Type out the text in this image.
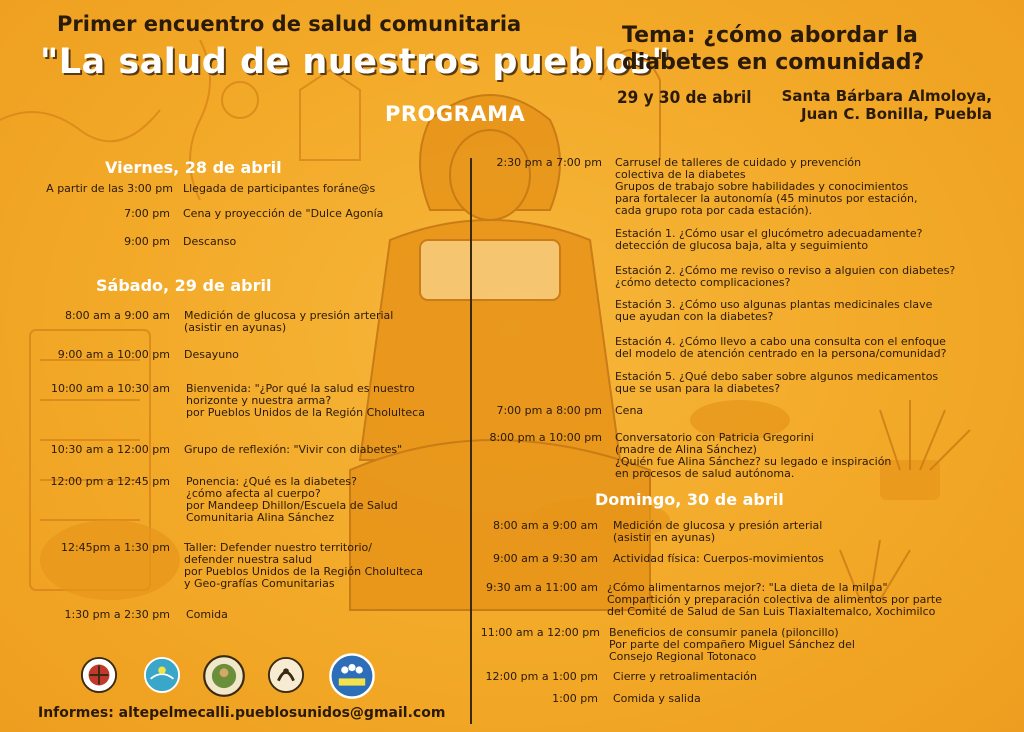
Primer encuentro de salud comunitaria
"La salud de nuestros pueblos"
Tema: ¿cómo abordar la diabetes en comunidad?
29 y 30 de abril	Santa Bárbara Almoloya,
Juan C. Bonilla, Puebla
PROGRAMA
Viernes, 28 de abril
A partir de las 3:00 pm Llegada de participantes foráne@s
7:00 pm Cena y proyección de "Dulce Agonía
9:00 pm Descanso
Sábado, 29 de abril
8:00 am a 9:00 am Medición de glucosa y presión arterial
(asistir en ayunas)
9:00 am a 10:00 pm Desayuno
10:00 am a 10:30 am Bienvenida: "¿Por qué la salud es nuestro
horizonte y nuestra arma?
por Pueblos Unidos de la Región Cholulteca
10:30 am a 12:00 pm Grupo de reflexión: "Vivir con diabetes"
12:00 pm a 12:45 pm Ponencia: ¿Qué es la diabetes?
¿cómo afecta al cuerpo?
por Mandeep Dhillon/Escuela de Salud
Comunitaria Alina Sánchez
12:45pm a 1:30 pm Taller: Defender nuestro territorio/
defender nuestra salud
por Pueblos Unidos de la Región Cholulteca
y Geo-grafías Comunitarias
1:30 pm a 2:30 pm Comida
2:30 pm a 7:00 pm Carrusel de talleres de cuidado y prevención
colectiva de la diabetes
Grupos de trabajo sobre habilidades y conocimientos
para fortalecer la autonomía (45 minutos por estación,
cada grupo rota por cada estación).
Estación 1. ¿Cómo usar el glucómetro adecuadamente?
detección de glucosa baja, alta y seguimiento
Estación 2. ¿Cómo me reviso o reviso a alguien con diabetes?
¿cómo detecto complicaciones?
Estación 3. ¿Cómo uso algunas plantas medicinales clave
que ayudan con la diabetes?
Estación 4. ¿Cómo llevo a cabo una consulta con el enfoque
del modelo de atención centrado en la persona/comunidad?
Estación 5. ¿Qué debo saber sobre algunos medicamentos
que se usan para la diabetes?
7:00 pm a 8:00 pm Cena
8:00 pm a 10:00 pm Conversatorio con Patricia Gregorini
(madre de Alina Sánchez)
¿Quién fue Alina Sánchez? su legado e inspiración
en procesos de salud autónoma.
Domingo, 30 de abril
8:00 am a 9:00 am Medición de glucosa y presión arterial
(asistir en ayunas)
9:00 am a 9:30 am Actividad física: Cuerpos-movimientos
9:30 am a 11:00 am ¿Cómo alimentarnos mejor?: "La dieta de la milpa"
Compartición y preparación colectiva de alimentos por parte
del Comité de Salud de San Luis Tlaxialtemalco, Xochimilco
11:00 am a 12:00 pm Beneficios de consumir panela (piloncillo)
Por parte del compañero Miguel Sánchez del
Consejo Regional Totonaco
12:00 pm a 1:00 pm Cierre y retroalimentación
1:00 pm Comida y salida
Informes: altepelmecalli.pueblosunidos@gmail.com
